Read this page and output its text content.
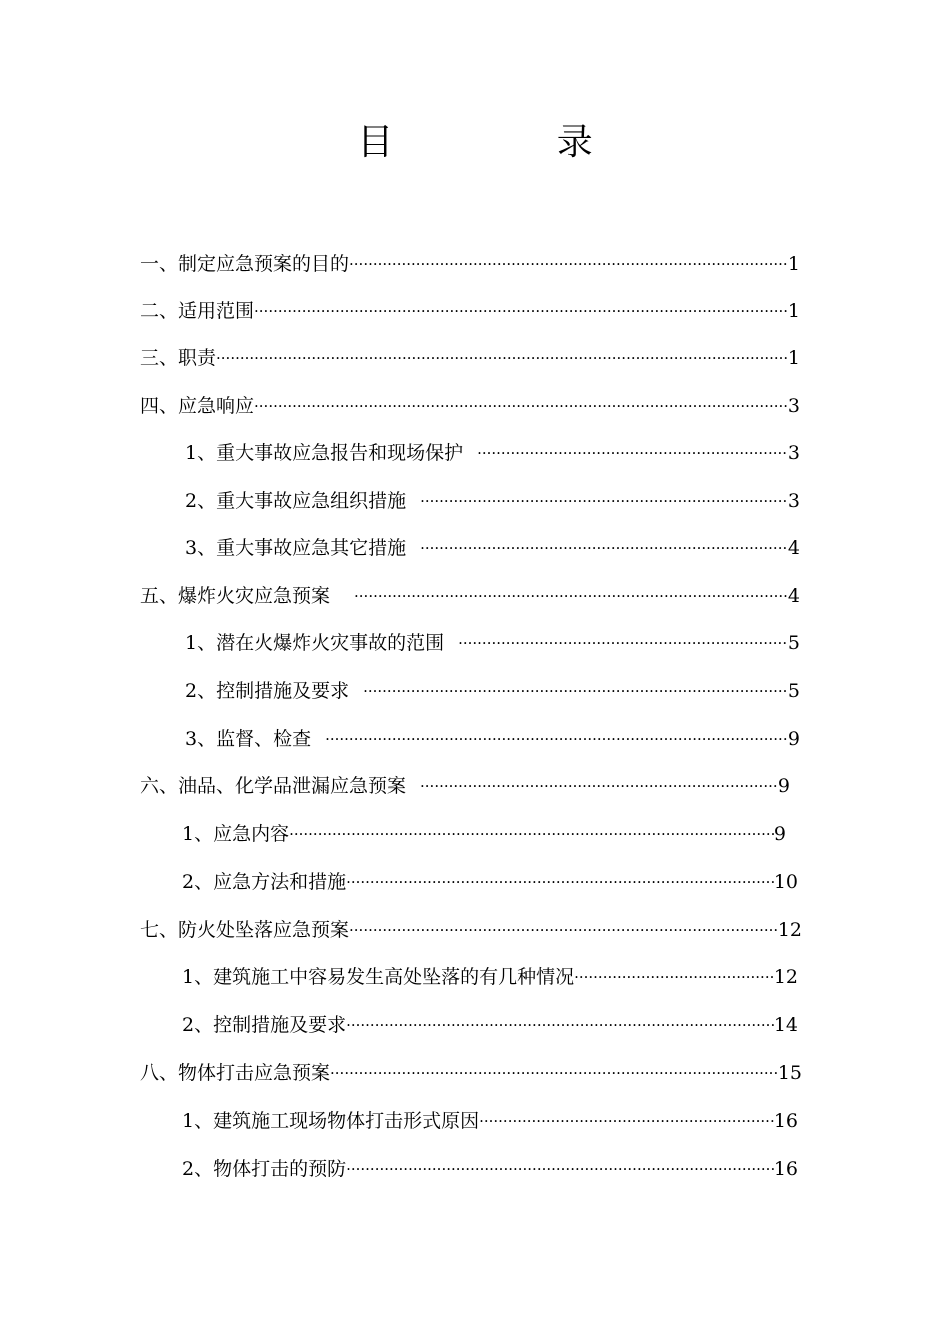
目 录
一、制定应急预案的目的 ·····	1
二、适用范围 ·····	1
三、职责 ·····	1
四、应急响应 ·····	3
1、重大事故应急报告和现场保护 ·····	3
2、重大事故应急组织措施 ·····	3
3、重大事故应急其它措施 ·····	4
五、爆炸火灾应急预案 ·····	4
1、潜在火爆炸火灾事故的范围 ·····	5
2、控制措施及要求 ·····	5
3、监督、检查 ·····	9
六、油品、化学品泄漏应急预案 ·····	9
1、应急内容 ·····	9
2、应急方法和措施 ·····	10
七、防火处坠落应急预案 ·····	12
1、建筑施工中容易发生高处坠落的有几种情况 ·····	12
2、控制措施及要求 ·····	14
八、物体打击应急预案 ·····	15
1、建筑施工现场物体打击形式原因 ·····	16
2、物体打击的预防 ·····	16
